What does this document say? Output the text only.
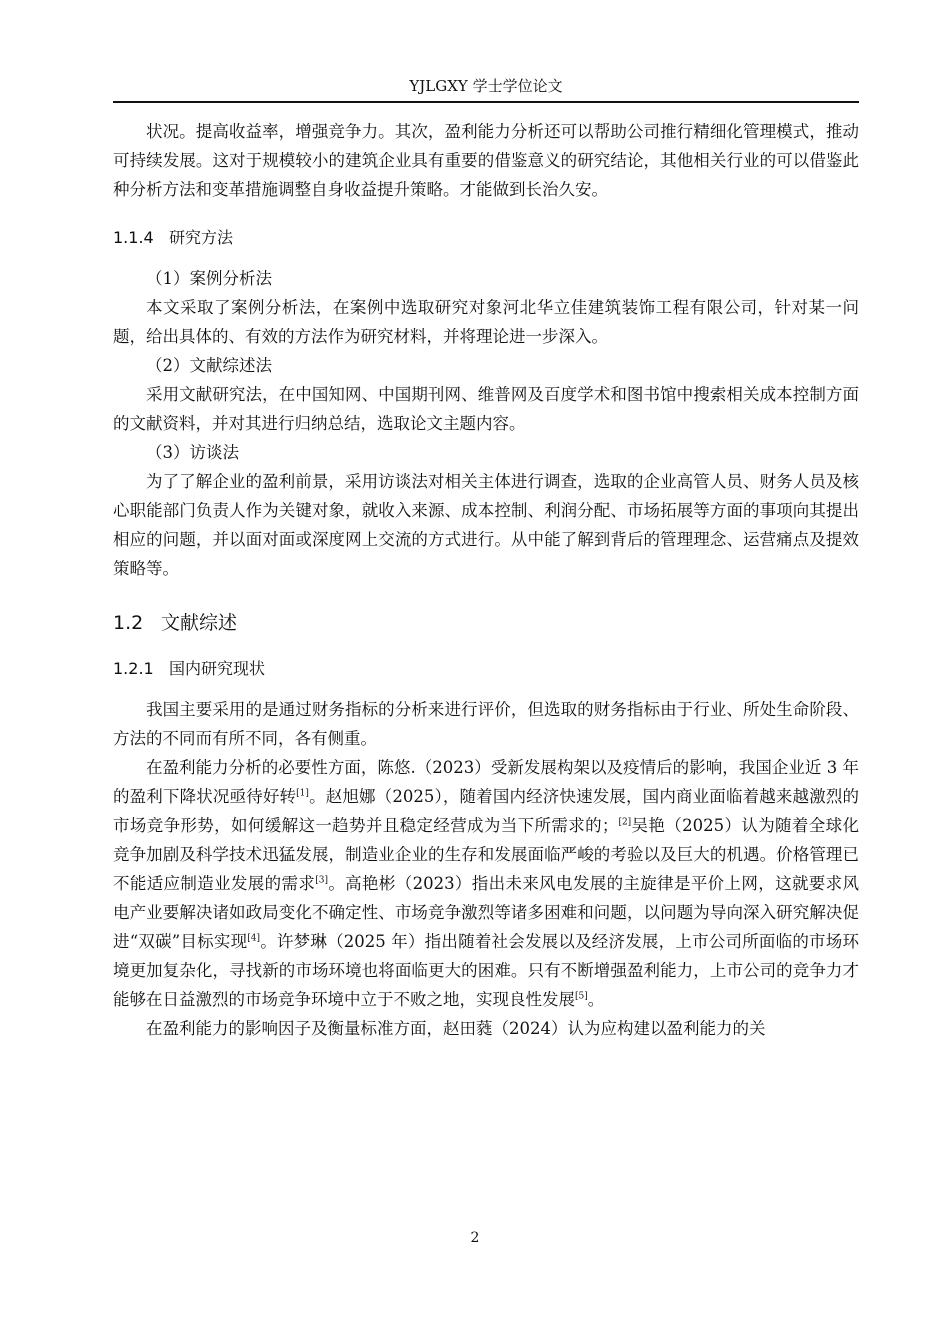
YJLGXY 学士学位论文

状况。提高收益率，增强竞争力。其次，盈利能力分析还可以帮助公司推行精细化管理模式，推动可持续发展。这对于规模较小的建筑企业具有重要的借鉴意义的研究结论，其他相关行业的可以借鉴此种分析方法和变革措施调整自身收益提升策略。才能做到长治久安。

1.1.4 研究方法

（1）案例分析法

本文采取了案例分析法，在案例中选取研究对象河北华立佳建筑装饰工程有限公司，针对某一问题，给出具体的、有效的方法作为研究材料，并将理论进一步深入。

（2）文献综述法

采用文献研究法，在中国知网、中国期刊网、维普网及百度学术和图书馆中搜索相关成本控制方面的文献资料，并对其进行归纳总结，选取论文主题内容。

（3）访谈法

为了了解企业的盈利前景，采用访谈法对相关主体进行调查，选取的企业高管人员、财务人员及核心职能部门负责人作为关键对象，就收入来源、成本控制、利润分配、市场拓展等方面的事项向其提出相应的问题，并以面对面或深度网上交流的方式进行。从中能了解到背后的管理理念、运营痛点及提效策略等。

1.2 文献综述
1.2.1 国内研究现状

我国主要采用的是通过财务指标的分析来进行评价，但选取的财务指标由于行业、所处生命阶段、方法的不同而有所不同，各有侧重。

在盈利能力分析的必要性方面，陈悠.（2023）受新发展构架以及疫情后的影响，我国企业近 3 年的盈利下降状况亟待好转[1]。赵旭娜（2025），随着国内经济快速发展，国内商业面临着越来越激烈的市场竞争形势，如何缓解这一趋势并且稳定经营成为当下所需求的；[2]吴艳（2025）认为随着全球化竞争加剧及科学技术迅猛发展，制造业企业的生存和发展面临严峻的考验以及巨大的机遇。价格管理已不能适应制造业发展的需求[3]。高艳彬（2023）指出未来风电发展的主旋律是平价上网，这就要求风电产业要解决诸如政局变化不确定性、市场竞争激烈等诸多困难和问题，以问题为导向深入研究解决促进“双碳”目标实现[4]。许梦琳（2025 年）指出随着社会发展以及经济发展，上市公司所面临的市场环境更加复杂化，寻找新的市场环境也将面临更大的困难。只有不断增强盈利能力，上市公司的竞争力才能够在日益激烈的市场竞争环境中立于不败之地，实现良性发展[5]。

在盈利能力的影响因子及衡量标准方面，赵田蕤（2024）认为应构建以盈利能力的关

2
